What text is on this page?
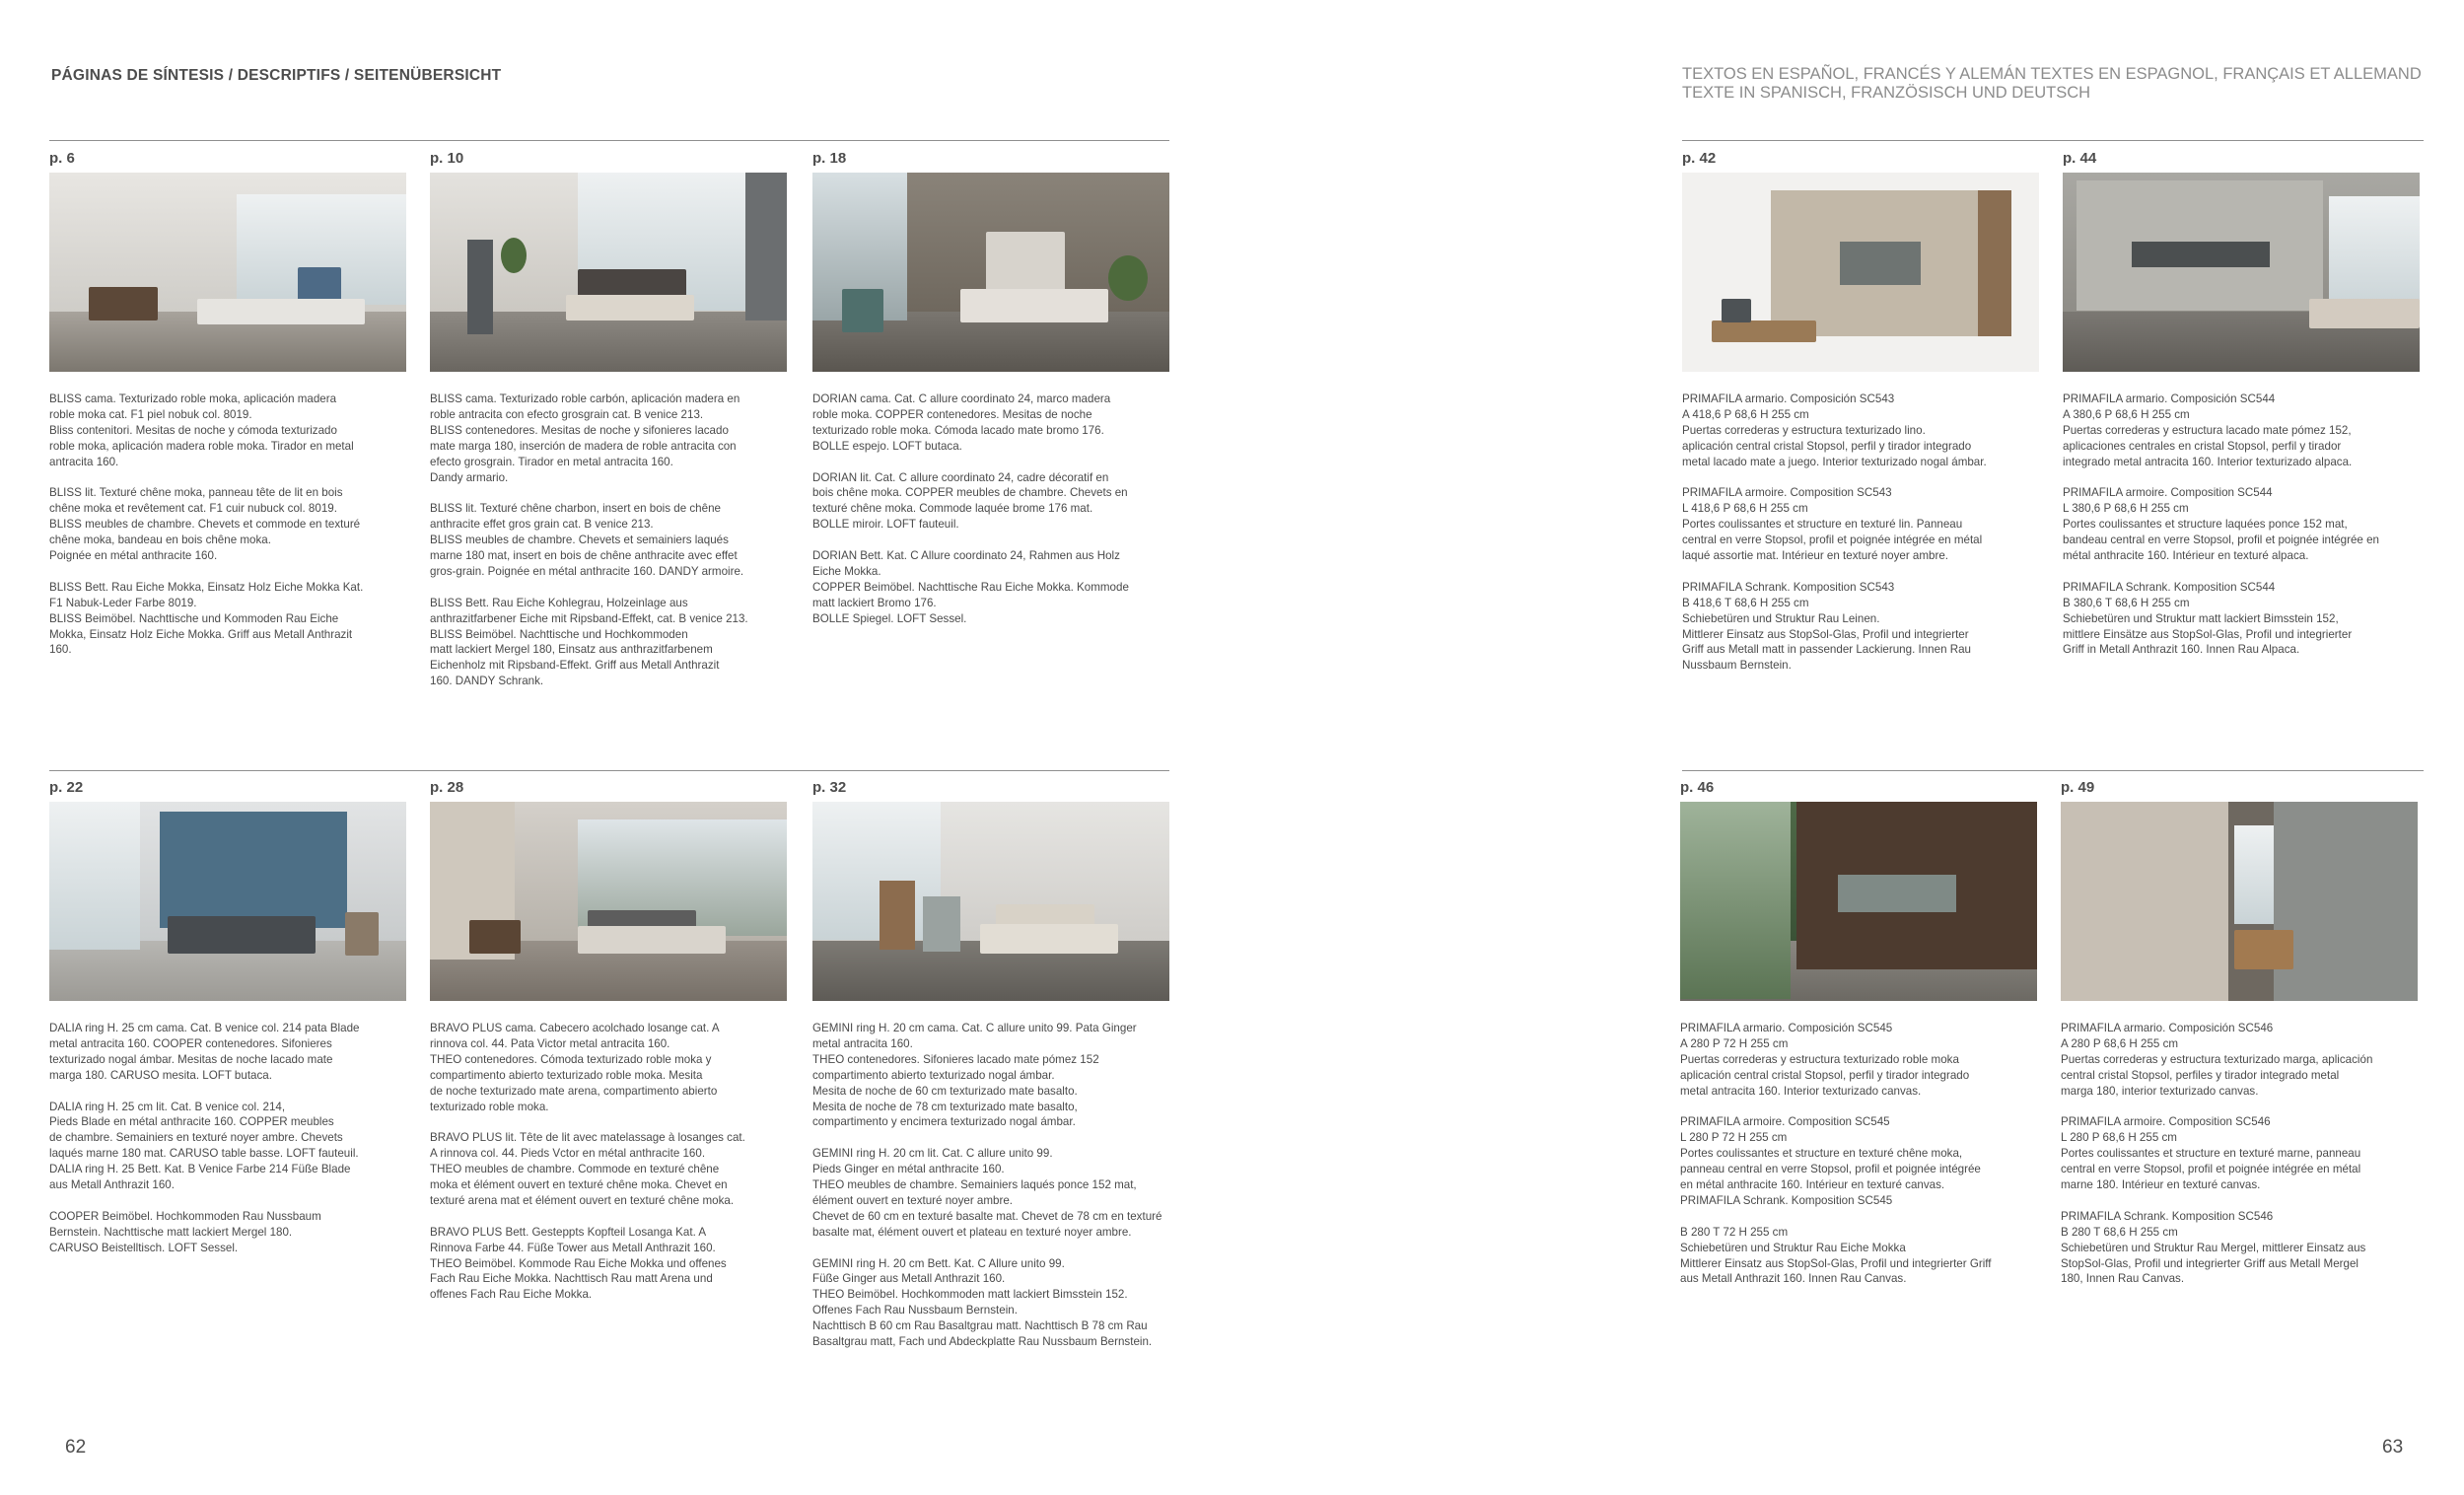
PÁGINAS DE SÍNTESIS / DESCRIPTIFS / SEITENÜBERSICHT	TEXTOS EN ESPAÑOL, FRANCÉS Y ALEMÁN TEXTES EN ESPAGNOL, FRANÇAIS ET ALLEMAND
TEXTE IN SPANISCH, FRANZÖSISCH UND DEUTSCH
p. 6

BLISS cama. Texturizado roble moka, aplicación madera
roble moka cat. F1 piel nobuk col. 8019.
Bliss contenitori. Mesitas de noche y cómoda texturizado
roble moka, aplicación madera roble moka. Tirador en metal
antracita 160.

BLISS lit. Texturé chêne moka, panneau tête de lit en bois
chêne moka et revêtement cat. F1 cuir nubuck col. 8019.
BLISS meubles de chambre. Chevets et commode en texturé
chêne moka, bandeau en bois chêne moka.
Poignée en métal anthracite 160.

BLISS Bett. Rau Eiche Mokka, Einsatz Holz Eiche Mokka Kat.
F1 Nabuk-Leder Farbe 8019.
BLISS Beimöbel. Nachttische und Kommoden Rau Eiche
Mokka, Einsatz Holz Eiche Mokka. Griff aus Metall Anthrazit
160.

p. 10

BLISS cama. Texturizado roble carbón, aplicación madera en
roble antracita con efecto grosgrain cat. B venice 213.
BLISS contenedores. Mesitas de noche y sifonieres lacado
mate marga 180, inserción de madera de roble antracita con
efecto grosgrain. Tirador en metal antracita 160.
Dandy armario.

BLISS lit. Texturé chêne charbon, insert en bois de chêne
anthracite effet gros grain cat. B venice 213.
BLISS meubles de chambre. Chevets et semainiers laqués
marne 180 mat, insert en bois de chêne anthracite avec effet
gros-grain. Poignée en métal anthracite 160. DANDY armoire.

BLISS Bett. Rau Eiche Kohlegrau, Holzeinlage aus
anthrazitfarbener Eiche mit Ripsband-Effekt, cat. B venice 213.
BLISS Beimöbel. Nachttische und Hochkommoden
matt lackiert Mergel 180, Einsatz aus anthrazitfarbenem
Eichenholz mit Ripsband-Effekt. Griff aus Metall Anthrazit
160. DANDY Schrank.

p. 18

DORIAN cama. Cat. C allure coordinato 24, marco madera
roble moka. COPPER contenedores. Mesitas de noche
texturizado roble moka. Cómoda lacado mate bromo 176.
BOLLE espejo. LOFT butaca.

DORIAN lit. Cat. C allure coordinato 24, cadre décoratif en
bois chêne moka. COPPER meubles de chambre. Chevets en
texturé chêne moka. Commode laquée brome 176 mat.
BOLLE miroir. LOFT fauteuil.

DORIAN Bett. Kat. C Allure coordinato 24, Rahmen aus Holz
Eiche Mokka.
COPPER Beimöbel. Nachttische Rau Eiche Mokka. Kommode
matt lackiert Bromo 176.
BOLLE Spiegel. LOFT Sessel.

p. 42

PRIMAFILA armario. Composición SC543
A 418,6 P 68,6 H 255 cm
Puertas correderas y estructura texturizado lino.
aplicación central cristal Stopsol, perfil y tirador integrado
metal lacado mate a juego. Interior texturizado nogal ámbar.

PRIMAFILA armoire. Composition SC543
L 418,6 P 68,6 H 255 cm
Portes coulissantes et structure en texturé lin. Panneau
central en verre Stopsol, profil et poignée intégrée en métal
laqué assortie mat. Intérieur en texturé noyer ambre.

PRIMAFILA Schrank. Komposition SC543
B 418,6 T 68,6 H 255 cm
Schiebetüren und Struktur Rau Leinen.
Mittlerer Einsatz aus StopSol-Glas, Profil und integrierter
Griff aus Metall matt in passender Lackierung. Innen Rau
Nussbaum Bernstein.

p. 44

PRIMAFILA armario. Composición SC544
A 380,6 P 68,6 H 255 cm
Puertas correderas y estructura lacado mate pómez 152,
aplicaciones centrales en cristal Stopsol, perfil y tirador
integrado metal antracita 160. Interior texturizado alpaca.

PRIMAFILA armoire. Composition SC544
L 380,6 P 68,6 H 255 cm
Portes coulissantes et structure laquées ponce 152 mat,
bandeau central en verre Stopsol, profil et poignée intégrée en
métal anthracite 160. Intérieur en texturé alpaca.

PRIMAFILA Schrank. Komposition SC544
B 380,6 T 68,6 H 255 cm
Schiebetüren und Struktur matt lackiert Bimsstein 152,
mittlere Einsätze aus StopSol-Glas, Profil und integrierter
Griff in Metall Anthrazit 160. Innen Rau Alpaca.

p. 22

DALIA ring H. 25 cm cama. Cat. B venice col. 214 pata Blade
metal antracita 160. COOPER contenedores. Sifonieres
texturizado nogal ámbar. Mesitas de noche lacado mate
marga 180. CARUSO mesita. LOFT butaca.

DALIA ring H. 25 cm lit. Cat. B venice col. 214,
Pieds Blade en métal anthracite 160. COPPER meubles
de chambre. Semainiers en texturé noyer ambre. Chevets
laqués marne 180 mat. CARUSO table basse. LOFT fauteuil.
DALIA ring H. 25 Bett. Kat. B Venice Farbe 214 Füße Blade
aus Metall Anthrazit 160.

COOPER Beimöbel. Hochkommoden Rau Nussbaum
Bernstein. Nachttische matt lackiert Mergel 180.
CARUSO Beistelltisch. LOFT Sessel.

p. 28

BRAVO PLUS cama. Cabecero acolchado losange cat. A
rinnova col. 44. Pata Victor metal antracita 160.
THEO contenedores. Cómoda texturizado roble moka y
compartimento abierto texturizado roble moka. Mesita
de noche texturizado mate arena, compartimento abierto
texturizado roble moka.

BRAVO PLUS lit. Tête de lit avec matelassage à losanges cat.
A rinnova col. 44. Pieds Vctor en métal anthracite 160.
THEO meubles de chambre. Commode en texturé chêne
moka et élément ouvert en texturé chêne moka. Chevet en
texturé arena mat et élément ouvert en texturé chêne moka.

BRAVO PLUS Bett. Gesteppts Kopfteil Losanga Kat. A
Rinnova Farbe 44. Füße Tower aus Metall Anthrazit 160.
THEO Beimöbel. Kommode Rau Eiche Mokka und offenes
Fach Rau Eiche Mokka. Nachttisch Rau matt Arena und
offenes Fach Rau Eiche Mokka.

p. 32

GEMINI ring H. 20 cm cama. Cat. C allure unito 99. Pata Ginger
metal antracita 160.
THEO contenedores. Sifonieres lacado mate pómez 152
compartimento abierto texturizado nogal ámbar.
Mesita de noche de 60 cm texturizado mate basalto.
Mesita de noche de 78 cm texturizado mate basalto,
compartimento y encimera texturizado nogal ámbar.

GEMINI ring H. 20 cm lit. Cat. C allure unito 99.
Pieds Ginger en métal anthracite 160.
THEO meubles de chambre. Semainiers laqués ponce 152 mat,
élément ouvert en texturé noyer ambre.
Chevet de 60 cm en texturé basalte mat. Chevet de 78 cm en texturé
basalte mat, élément ouvert et plateau en texturé noyer ambre.

GEMINI ring H. 20 cm Bett. Kat. C Allure unito 99.
Füße Ginger aus Metall Anthrazit 160.
THEO Beimöbel. Hochkommoden matt lackiert Bimsstein 152.
Offenes Fach Rau Nussbaum Bernstein.
Nachttisch B 60 cm Rau Basaltgrau matt. Nachttisch B 78 cm Rau
Basaltgrau matt, Fach und Abdeckplatte Rau Nussbaum Bernstein.

p. 46

PRIMAFILA armario. Composición SC545
A 280 P 72 H 255 cm
Puertas correderas y estructura texturizado roble moka
aplicación central cristal Stopsol, perfil y tirador integrado
metal antracita 160. Interior texturizado canvas.

PRIMAFILA armoire. Composition SC545
L 280 P 72 H 255 cm
Portes coulissantes et structure en texturé chêne moka,
panneau central en verre Stopsol, profil et poignée intégrée
en métal anthracite 160. Intérieur en texturé canvas.
PRIMAFILA Schrank. Komposition SC545

B 280 T 72 H 255 cm
Schiebetüren und Struktur Rau Eiche Mokka
Mittlerer Einsatz aus StopSol-Glas, Profil und integrierter Griff
aus Metall Anthrazit 160. Innen Rau Canvas.

p. 49

PRIMAFILA armario. Composición SC546
A 280 P 68,6 H 255 cm
Puertas correderas y estructura texturizado marga, aplicación
central cristal Stopsol, perfiles y tirador integrado metal
marga 180, interior texturizado canvas.

PRIMAFILA armoire. Composition SC546
L 280 P 68,6 H 255 cm
Portes coulissantes et structure en texturé marne, panneau
central en verre Stopsol, profil et poignée intégrée en métal
marne 180. Intérieur en texturé canvas.

PRIMAFILA Schrank. Komposition SC546
B 280 T 68,6 H 255 cm
Schiebetüren und Struktur Rau Mergel, mittlerer Einsatz aus
StopSol-Glas, Profil und integrierter Griff aus Metall Mergel
180, Innen Rau Canvas.

62	63
